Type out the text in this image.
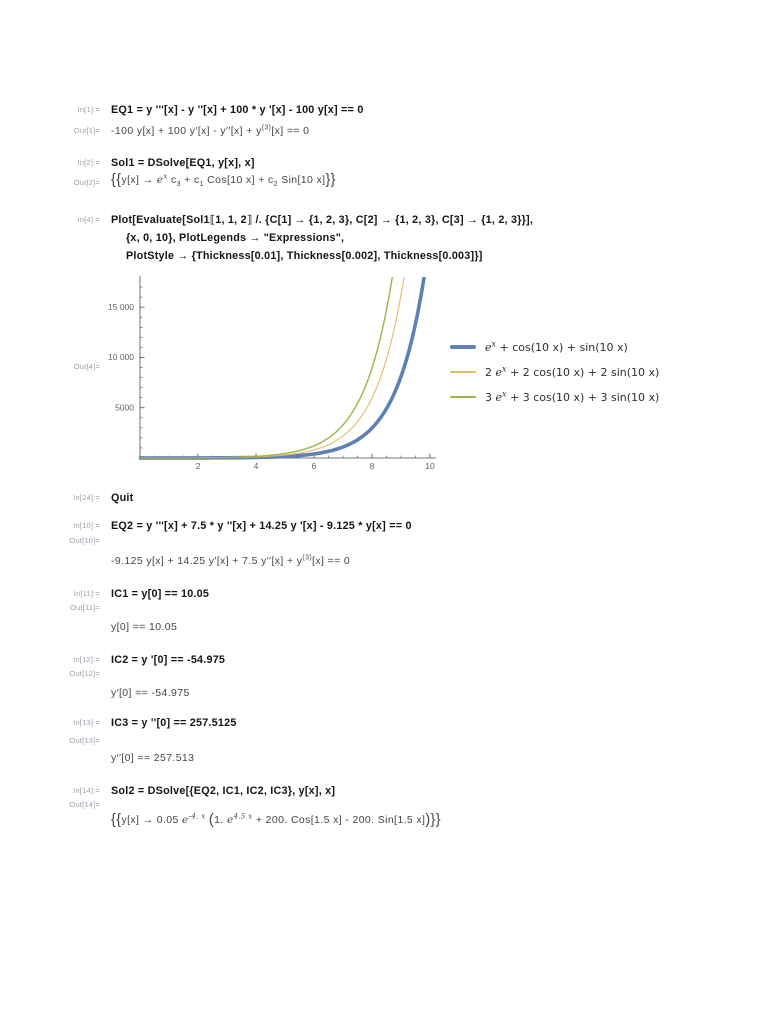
In[1]:= EQ1 = y '''[x] - y ''[x] + 100 * y '[x] - 100 y[x] == 0
Out[1]= -100 y[x] + 100 $y'[x] - y''[x] + y^{(3)}[x] == 0$
In[2]:= Sol1 = DSolve[EQ1, y[x], x]
$Out[2]= \{\{y[x] \to e^x$ $c_3 + c_1$ Cos[10 $x] + c_2$ Sin[10 x]}}
In[4]:= Plot[Evaluate[Sol1⟦1, 1, 2⟧ /. {C[1] → {1, 2, 3}, C[2] → {1, 2, 3}, C[3] → {1, 2, 3}}],
{x, 0, 10}, PlotLegends → "Expressions",
PlotStyle → {Thickness[0.01], Thickness[0.002], Thickness[0.003]}]
Out[4]=
In[24]:= Quit
In[10]:= EQ2 = y '''[x] + 7.5 * y ''[x] + 14.25 y '[x] - 9.125 * y[x] == 0
Out[10]=
-9.125 y[x] + 14.25 y′[x] + 7.5 $y''[x] + y^{(3)}[x] == 0$
In[11]:= IC1 = y[0] == 10.05
Out[11]=
y[0] == 10.05
In[12]:= IC2 = y '[0] == -54.975
Out[12]=
y′[0] == -54.975
In[13]:= IC3 = y ''[0] == 257.5125
Out[13]=
y′′[0] == 257.513
In[14]:= Sol2 = DSolve[{EQ2, IC1, IC2, IC3}, y[x], x]
Out[14]=
{{y[x] → 0.05 $e^{-4. x}$ (1. $e^{4.5 x} + 200$. Cos[1.5 x] - 200. Sin[1.5 x])}}
2	4	6	8	10
5000
10 000
15 000
$e^x + \cos(10$ x) + sin(10 x)
2 $e^x + 2$ cos(10 x) + 2 sin(10 x)
3 $e^x + 3$ cos(10 x) + 3 sin(10 x)
